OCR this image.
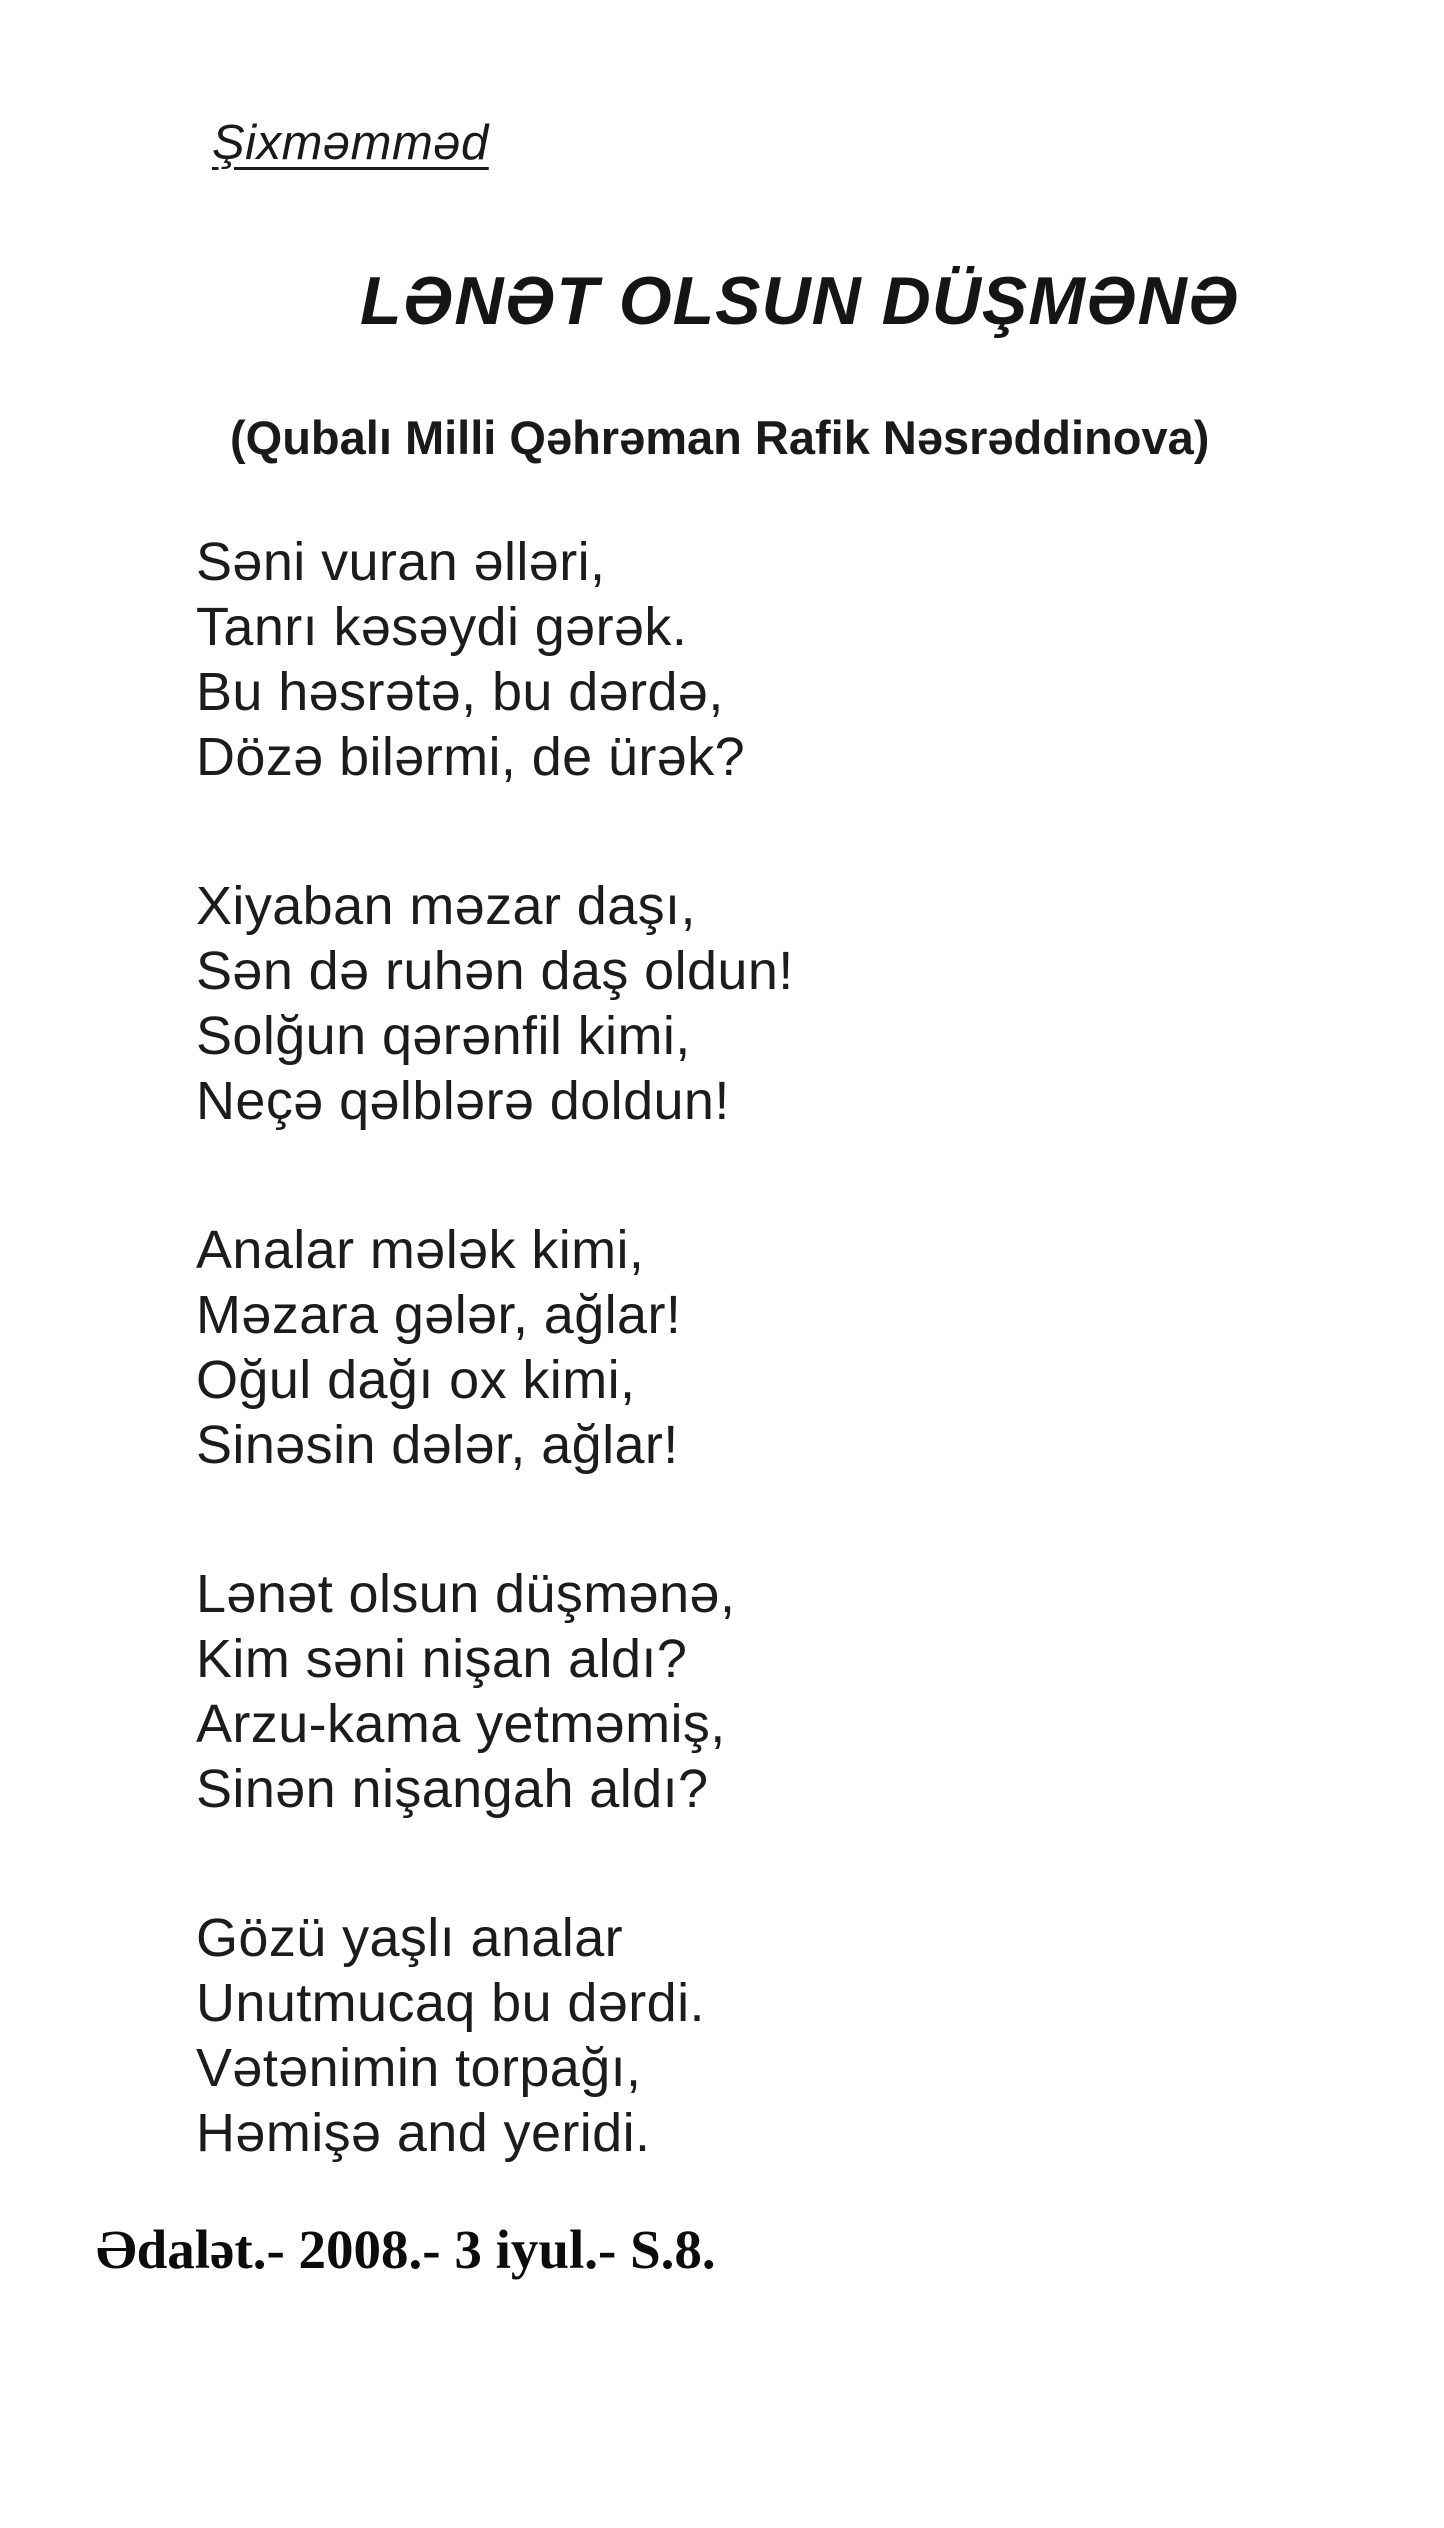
Şixməmməd
LƏNƏT OLSUN DÜŞMƏNƏ
(Qubalı Milli Qəhrəman Rafik Nəsrəddinova)
Səni vuran əlləri,
Tanrı kəsəydi gərək.
Bu həsrətə, bu dərdə,
Dözə bilərmi, de ürək?
Xiyaban məzar daşı,
Sən də ruhən daş oldun!
Solğun qərənfil kimi,
Neçə qəlblərə doldun!
Analar mələk kimi,
Məzara gələr, ağlar!
Oğul dağı ox kimi,
Sinəsin dələr, ağlar!
Lənət olsun düşmənə,
Kim səni nişan aldı?
Arzu-kama yetməmiş,
Sinən nişangah aldı?
Gözü yaşlı analar
Unutmucaq bu dərdi.
Vətənimin torpağı,
Həmişə and yeridi.
Ədalət.- 2008.- 3 iyul.- S.8.
